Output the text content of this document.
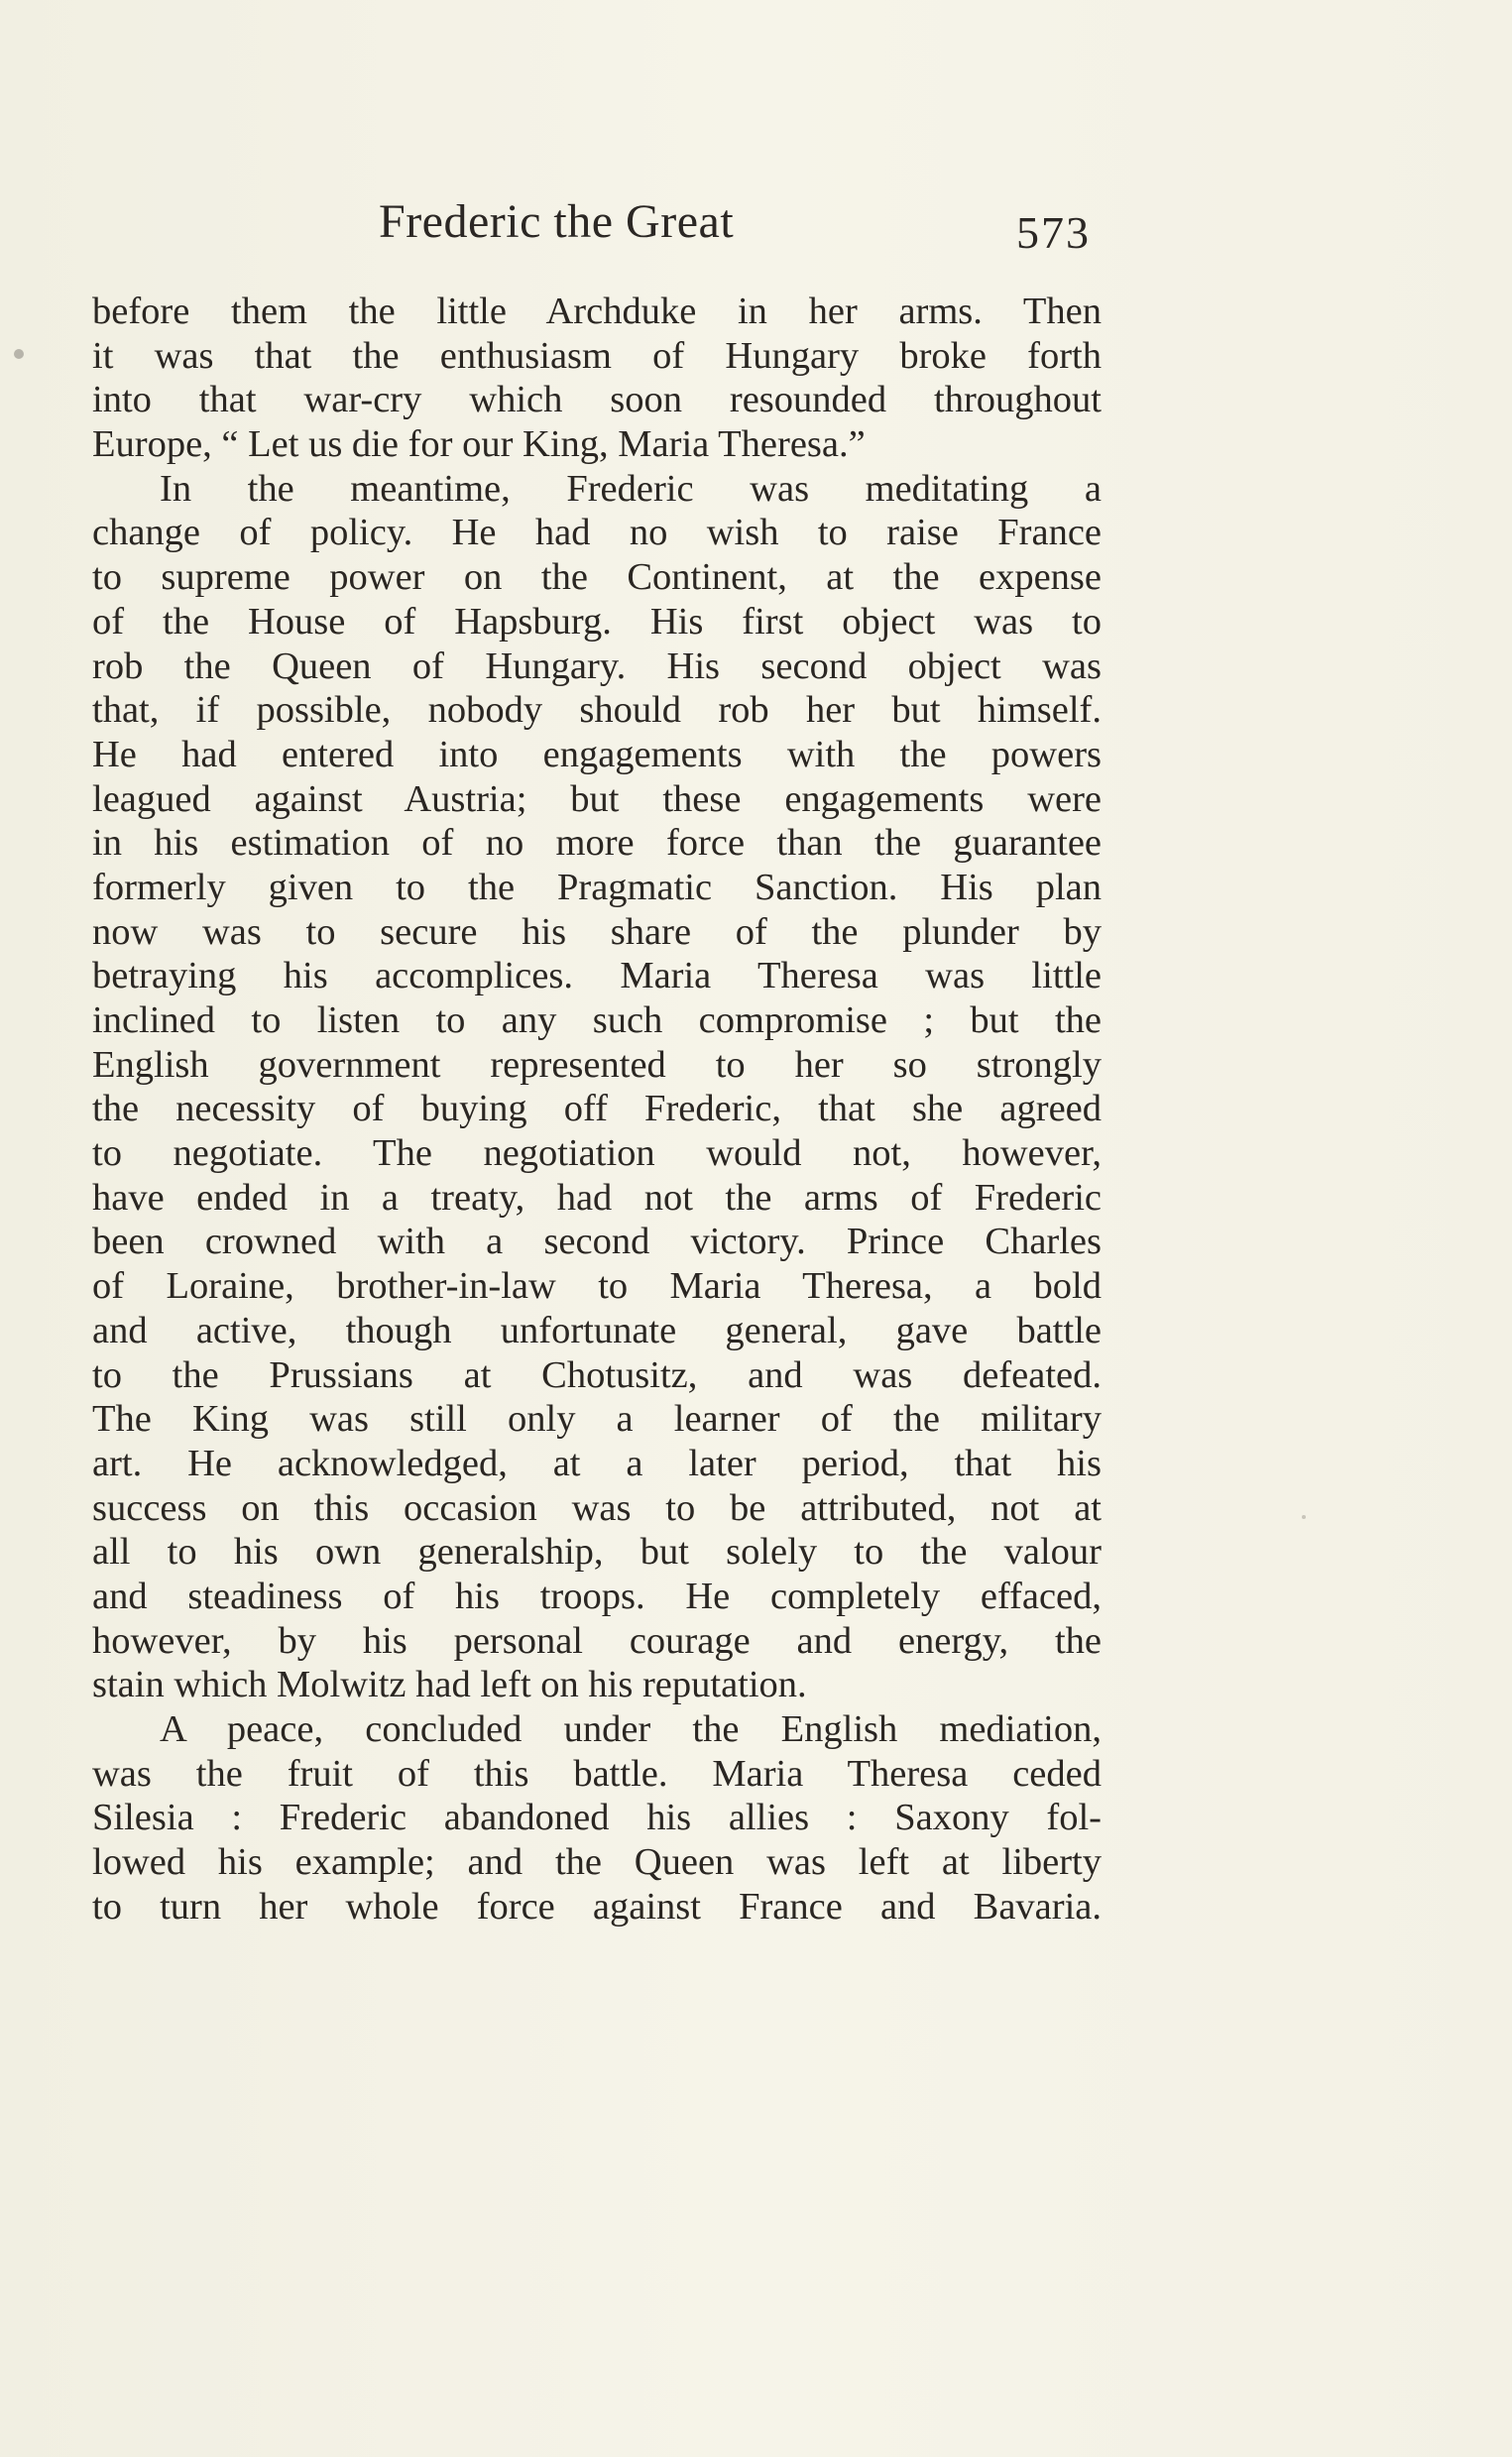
Frederic the Great	573
before them the little Archduke in her arms. Then
it was that the enthusiasm of Hungary broke forth
into that war-cry which soon resounded throughout
Europe, “ Let us die for our King, Maria Theresa.”
In the meantime, Frederic was meditating a
change of policy. He had no wish to raise France
to supreme power on the Continent, at the expense
of the House of Hapsburg. His first object was to
rob the Queen of Hungary. His second object was
that, if possible, nobody should rob her but himself.
He had entered into engagements with the powers
leagued against Austria; but these engagements were
in his estimation of no more force than the guarantee
formerly given to the Pragmatic Sanction. His plan
now was to secure his share of the plunder by
betraying his accomplices. Maria Theresa was little
inclined to listen to any such compromise ; but the
English government represented to her so strongly
the necessity of buying off Frederic, that she agreed
to negotiate. The negotiation would not, however,
have ended in a treaty, had not the arms of Frederic
been crowned with a second victory. Prince Charles
of Loraine, brother-in-law to Maria Theresa, a bold
and active, though unfortunate general, gave battle
to the Prussians at Chotusitz, and was defeated.
The King was still only a learner of the military
art. He acknowledged, at a later period, that his
success on this occasion was to be attributed, not at
all to his own generalship, but solely to the valour
and steadiness of his troops. He completely effaced,
however, by his personal courage and energy, the
stain which Molwitz had left on his reputation.
A peace, concluded under the English mediation,
was the fruit of this battle. Maria Theresa ceded
Silesia : Frederic abandoned his allies : Saxony fol-
lowed his example; and the Queen was left at liberty
to turn her whole force against France and Bavaria.
